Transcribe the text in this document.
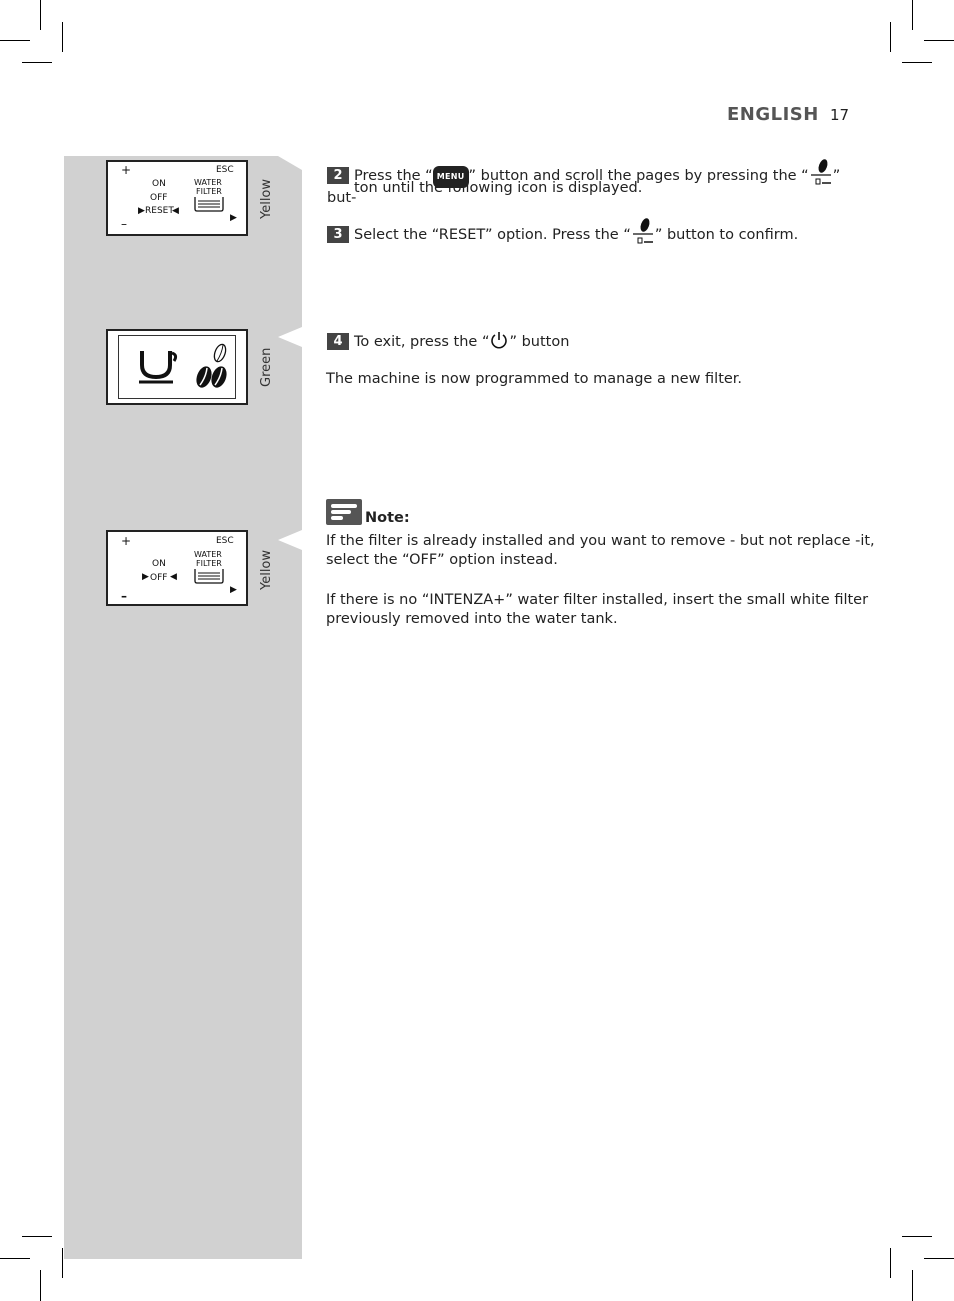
ENGLISH 17
+	ESC
ON
OFF
RESET
▶	◀
WATER
FILTER
▶
–
Yellow
Green
+	ESC
ON
▶ OFF ◀
WATER
FILTER
▶
–
Yellow
2 Press the “ MENU ” button and scroll the pages by pressing the “ ” but-
ton until the following icon is displayed.
3 Select the “RESET” option. Press the “ ” button to confirm.
4 To exit, press the “ ” button
The machine is now programmed to manage a new filter.
Note:
If the filter is already installed and you want to remove - but not replace -it,
select the “OFF” option instead.
If there is no “INTENZA+” water filter installed, insert the small white filter
previously removed into the water tank.
